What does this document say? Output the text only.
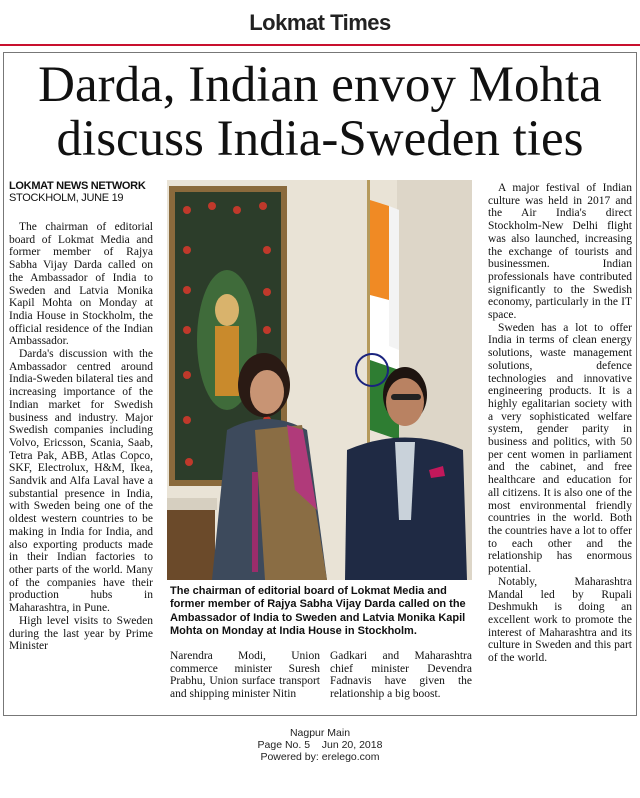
Lokmat Times
Darda, Indian envoy Mohta
discuss India-Sweden ties
LOKMAT NEWS NETWORK
STOCKHOLM, JUNE 19

The chairman of editorial board of Lokmat Media and former member of Rajya Sabha Vijay Darda called on the Ambassador of India to Sweden and Latvia Monika Kapil Mohta on Monday at India House in Stockholm, the official residence of the Indian Ambassador.

Darda's discussion with the Ambassador centred around India-Sweden bilateral ties and increasing importance of the Indian market for Swedish business and industry. Major Swedish companies including Volvo, Ericsson, Scania, Saab, Tetra Pak, ABB, Atlas Copco, SKF, Electrolux, H&M, Ikea, Sandvik and Alfa Laval have a substantial presence in India, with Sweden being one of the oldest western countries to be making in India for India, and also exporting products made in their Indian factories to other parts of the world. Many of the companies have their production hubs in Maharashtra, in Pune.

High level visits to Sweden during the last year by Prime Minister

The chairman of editorial board of Lokmat Media and former member of Rajya Sabha Vijay Darda called on the Ambassador of India to Sweden and Latvia Monika Kapil Mohta on Monday at India House in Stockholm.

Narendra Modi, Union commerce minister Suresh Prabhu, Union surface transport and shipping minister Nitin

Gadkari and Maharashtra chief minister Devendra Fadnavis have given the relationship a big boost.

A major festival of Indian culture was held in 2017 and the Air India's direct Stockholm-New Delhi flight was also launched, increasing the exchange of tourists and businessmen. Indian professionals have contributed significantly to the Swedish economy, particularly in the IT space.

Sweden has a lot to offer India in terms of clean energy solutions, waste management solutions, defence technologies and innovative engineering products. It is a highly egalitarian society with a very sophisticated welfare system, gender parity in business and politics, with 50 per cent women in parliament and the cabinet, and free healthcare and education for all citizens. It is also one of the most environmental friendly countries in the world. Both the countries have a lot to offer to each other and the relationship has enormous potential.

Notably, Maharashtra Mandal led by Rupali Deshmukh is doing an excellent work to promote the interest of Maharashtra and its culture in Sweden and this part of the world.

Nagpur Main
Page No. 5    Jun 20, 2018
Powered by: erelego.com
